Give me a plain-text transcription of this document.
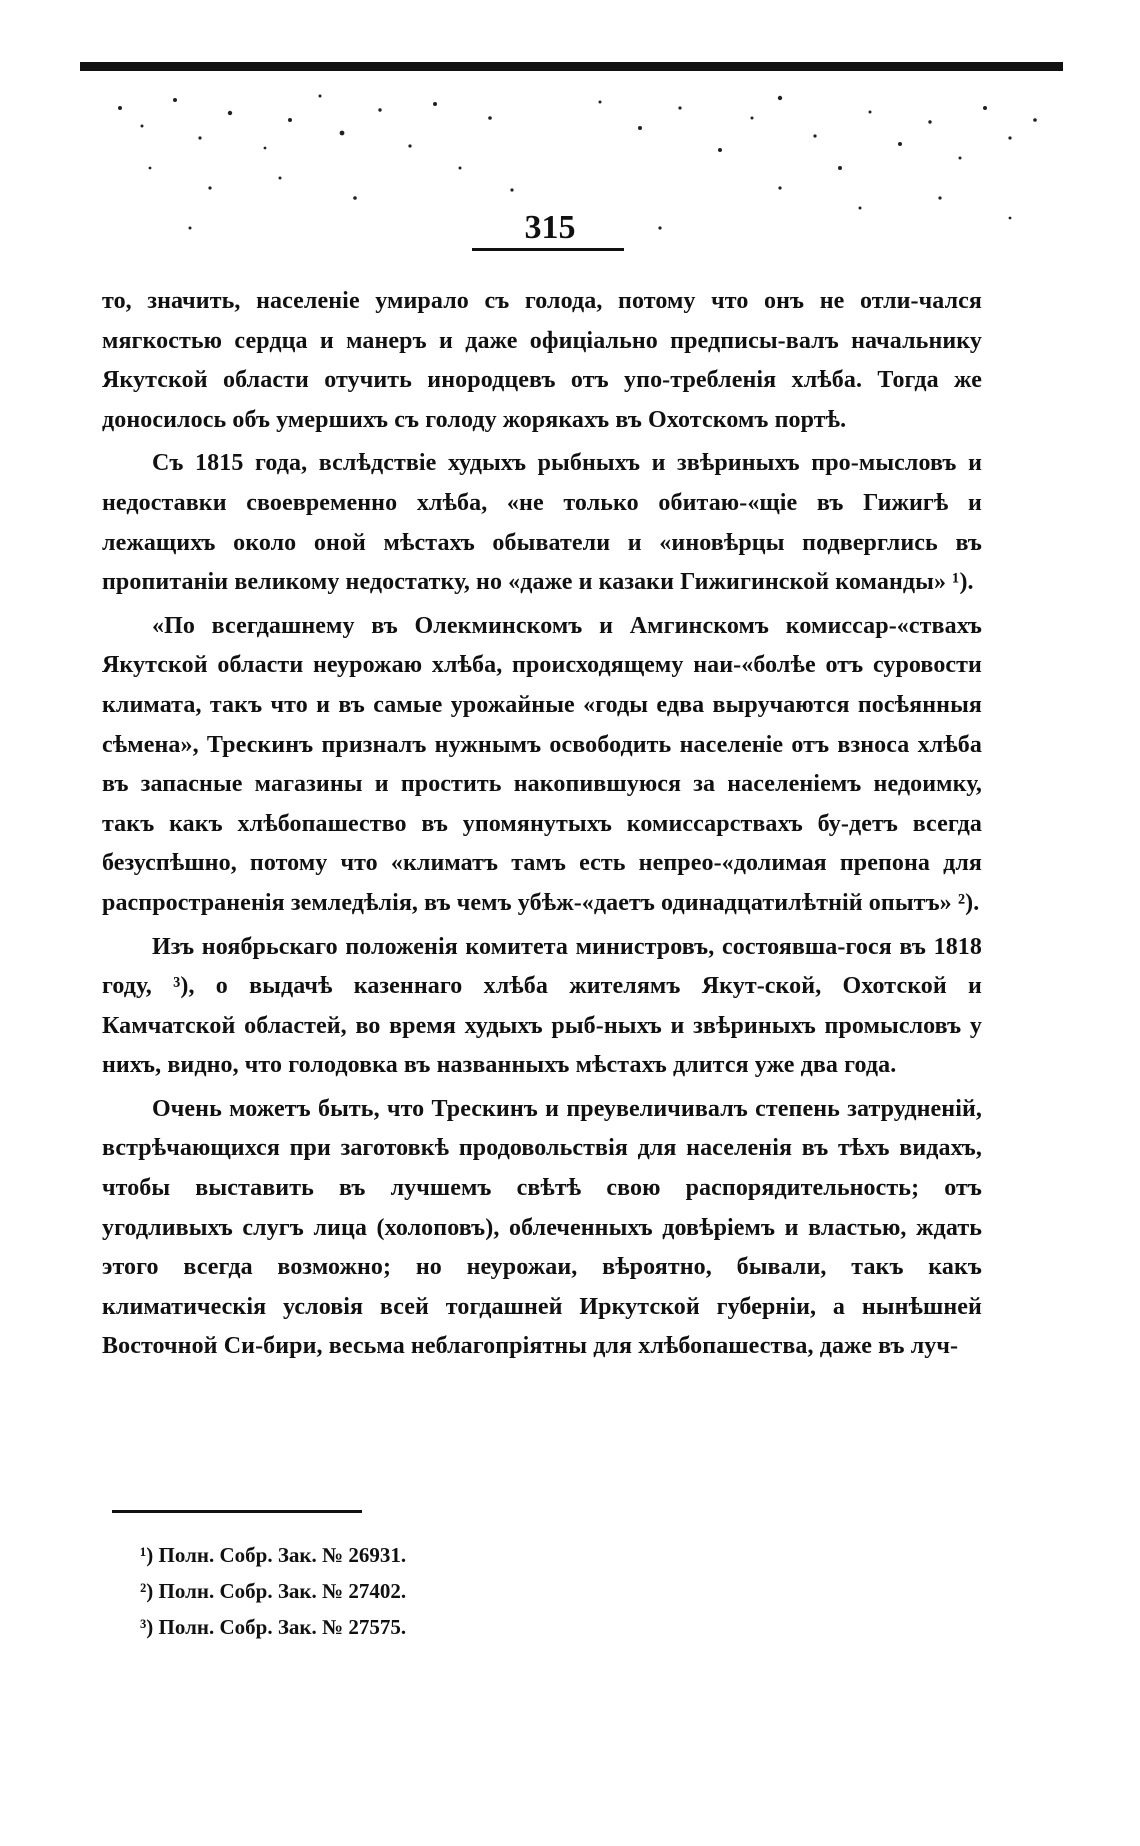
315

то, значить, населеніе умирало съ голода, потому что онъ не отли-чался мягкостью сердца и манеръ и даже офиціально предписы-валъ начальнику Якутской области отучить инородцевъ отъ упо-требленія хлѣба. Тогда же доносилось объ умершихъ съ голоду жорякахъ въ Охотскомъ портѣ.

Съ 1815 года, вслѣдствіе худыхъ рыбныхъ и звѣриныхъ про-мысловъ и недоставки своевременно хлѣба, «не только обитаю-«щіе въ Гижигѣ и лежащихъ около оной мѣстахъ обыватели и «иновѣрцы подверглись въ пропитаніи великому недостатку, но «даже и казаки Гижигинской команды» ¹).

«По всегдашнему въ Олекминскомъ и Амгинскомъ комиссар-«ствахъ Якутской области неурожаю хлѣба, происходящему наи-«болѣе отъ суровости климата, такъ что и въ самые урожайные «годы едва выручаются посѣянныя сѣмена», Трескинъ призналъ нужнымъ освободить населеніе отъ взноса хлѣба въ запасные магазины и простить накопившуюся за населеніемъ недоимку, такъ какъ хлѣбопашество въ упомянутыхъ комиссарствахъ бу-детъ всегда безуспѣшно, потому что «климатъ тамъ есть непрео-«долимая препона для распространенія земледѣлія, въ чемъ убѣж-«даетъ одинадцатилѣтній опытъ» ²).

Изъ ноябрьскаго положенія комитета министровъ, состоявша-гося въ 1818 году, ³), о выдачѣ казеннаго хлѣба жителямъ Якут-ской, Охотской и Камчатской областей, во время худыхъ рыб-ныхъ и звѣриныхъ промысловъ у нихъ, видно, что голодовка въ названныхъ мѣстахъ длится уже два года.

Очень можетъ быть, что Трескинъ и преувеличивалъ степень затрудненій, встрѣчающихся при заготовкѣ продовольствія для населенія въ тѣхъ видахъ, чтобы выставить въ лучшемъ свѣтѣ свою распорядительность; отъ угодливыхъ слугъ лица (холоповъ), облеченныхъ довѣріемъ и властью, ждать этого всегда возможно; но неурожаи, вѣроятно, бывали, такъ какъ климатическія условія всей тогдашней Иркутской губерніи, а нынѣшней Восточной Си-бири, весьма неблагопріятны для хлѣбопашества, даже въ луч-

¹) Полн. Собр. Зак. № 26931.

²) Полн. Собр. Зак. № 27402.

³) Полн. Собр. Зак. № 27575.
